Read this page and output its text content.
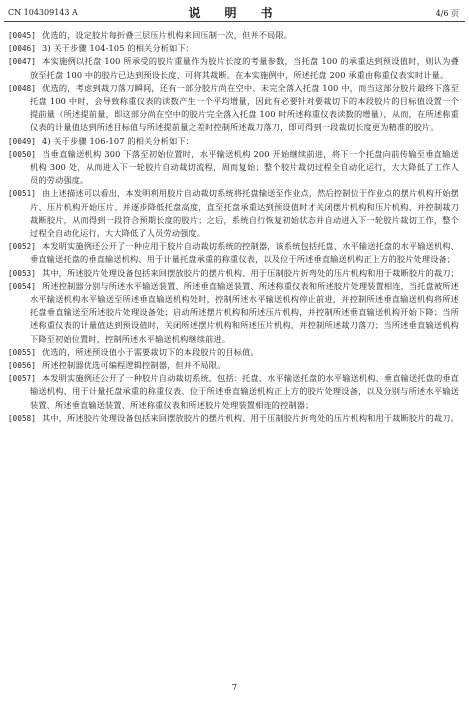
CN 104309143 A	说　明　书	4/6 页

[0045] 优选的，设定胶片每折叠三层压片机构来回压制一次，但并不局限。

[0046] 3) 关于步骤 104-105 的相关分析如下：

[0047] 本实施例以托盘 100 所承受的胶片重量作为胶片长度的考量参数，当托盘 100 的承重达到预设值时，则认为叠放至托盘 100 中的胶片已达到预设长度、可将其裁断。在本实施例中，所述托盘 200 承重由称重仪表实时计量。

[0048] 优选的，考虑到裁刀落刀瞬间，还有一部分胶片尚在空中、未完全落入托盘 100 中，而当这部分胶片最终下落至托盘 100 中时，会导致称重仪表的读数产生一个平均增量，因此有必要针对要裁切下的本段胶片的目标值设置一个提前量（所述提前量，即这部分尚在空中的胶片完全落入托盘 100 时所述称重仪表读数的增量），从而，在所述称重仪表的计量值达到所述目标值与所述提前量之差时控制所述裁刀落刀，即可得到一段裁切长度更为精准的胶片。

[0049] 4) 关于步骤 106-107 的相关分析如下：

[0050] 当垂直输送机构 300 下落至初始位置时，水平输送机构 200 开始继续前进，将下一个托盘向前传输至垂直输送机构 300 处，从而进入下一轮胶片自动裁切流程，周而复始；整个胶片裁切过程全自动化运行，大大降低了工作人员的劳动强度。

[0051] 由上述描述可以看出，本发明利用胶片自动裁切系统将托盘输送至作业点，然后控制位于作业点的摆片机构开始摆片、压片机构开始压片、并逐步降低托盘高度，直至托盘承重达到预设值时才关闭摆片机构和压片机构、并控制裁刀裁断胶片，从而得到一段符合预期长度的胶片；之后，系统自行恢复初始状态并自动进入下一轮胶片裁切工作，整个过程全自动化运行，大大降低了人员劳动强度。

[0052] 本发明实施例还公开了一种应用于胶片自动裁切系统的控制器，该系统包括托盘、水平输送托盘的水平输送机构、垂直输送托盘的垂直输送机构、用于计量托盘承重的称重仪表，以及位于所述垂直输送机构正上方的胶片处理设备；

[0053] 其中，所述胶片处理设备包括来回摆放胶片的摆片机构、用于压制胶片折弯处的压片机构和用于裁断胶片的裁刀；

[0054] 所述控制器分别与所述水平输送装置、所述垂直输送装置、所述称重仪表和所述胶片处理装置相连，当托盘被所述水平输送机构水平输送至所述垂直输送机构处时，控制所述水平输送机构停止前进，并控制所述垂直输送机构将所述托盘垂直输送至所述胶片处理设备处；启动所述摆片机构和所述压片机构，并控制所述垂直输送机构开始下降；当所述称重仪表的计量值达到预设值时，关闭所述摆片机构和所述压片机构，并控制所述裁刀落刀；当所述垂直输送机构下降至初始位置时，控制所述水平输送机构继续前进。

[0055] 优选的，所述预设值小于需要裁切下的本段胶片的目标值。

[0056] 所述控制器优选可编程逻辑控制器，但并不局限。

[0057] 本发明实施例还公开了一种胶片自动裁切系统，包括：托盘、水平输送托盘的水平输送机构、垂直输送托盘的垂直输送机构、用于计量托盘承重的称重仪表、位于所述垂直输送机构正上方的胶片处理设备，以及分别与所述水平输送装置、所述垂直输送装置、所述称重仪表和所述胶片处理装置相连的控制器；

[0058] 其中，所述胶片处理设备包括来回摆放胶片的摆片机构、用于压制胶片折弯处的压片机构和用于裁断胶片的裁刀。

7
